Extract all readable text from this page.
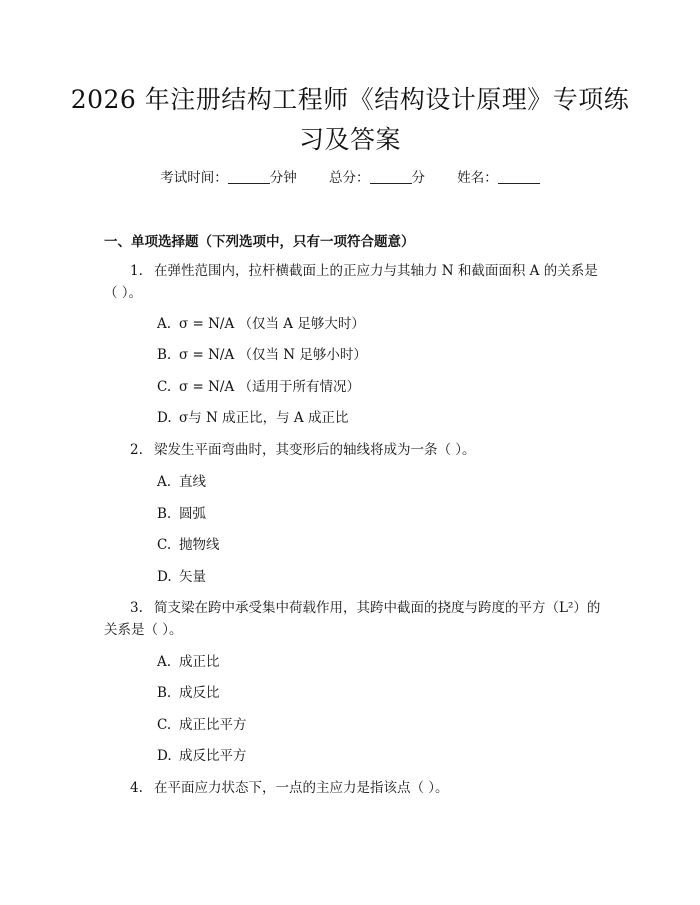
2026 年注册结构工程师《结构设计原理》专项练习及答案
考试时间：	分钟 总分：	分 姓名：
一、单项选择题（下列选项中，只有一项符合题意）
1. 在弹性范围内，拉杆横截面上的正应力与其轴力 N 和截面面积 A 的关系是（ ）。
A. σ = N/A （仅当 A 足够大时）
B. σ = N/A （仅当 N 足够小时）
C. σ = N/A （适用于所有情况）
D. σ与 N 成正比，与 A 成正比
2. 梁发生平面弯曲时，其变形后的轴线将成为一条（ ）。
A. 直线
B. 圆弧
C. 抛物线
D. 矢量
3. 简支梁在跨中承受集中荷载作用，其跨中截面的挠度与跨度的平方（L²）的关系是（ ）。
A. 成正比
B. 成反比
C. 成正比平方
D. 成反比平方
4. 在平面应力状态下，一点的主应力是指该点（ ）。
